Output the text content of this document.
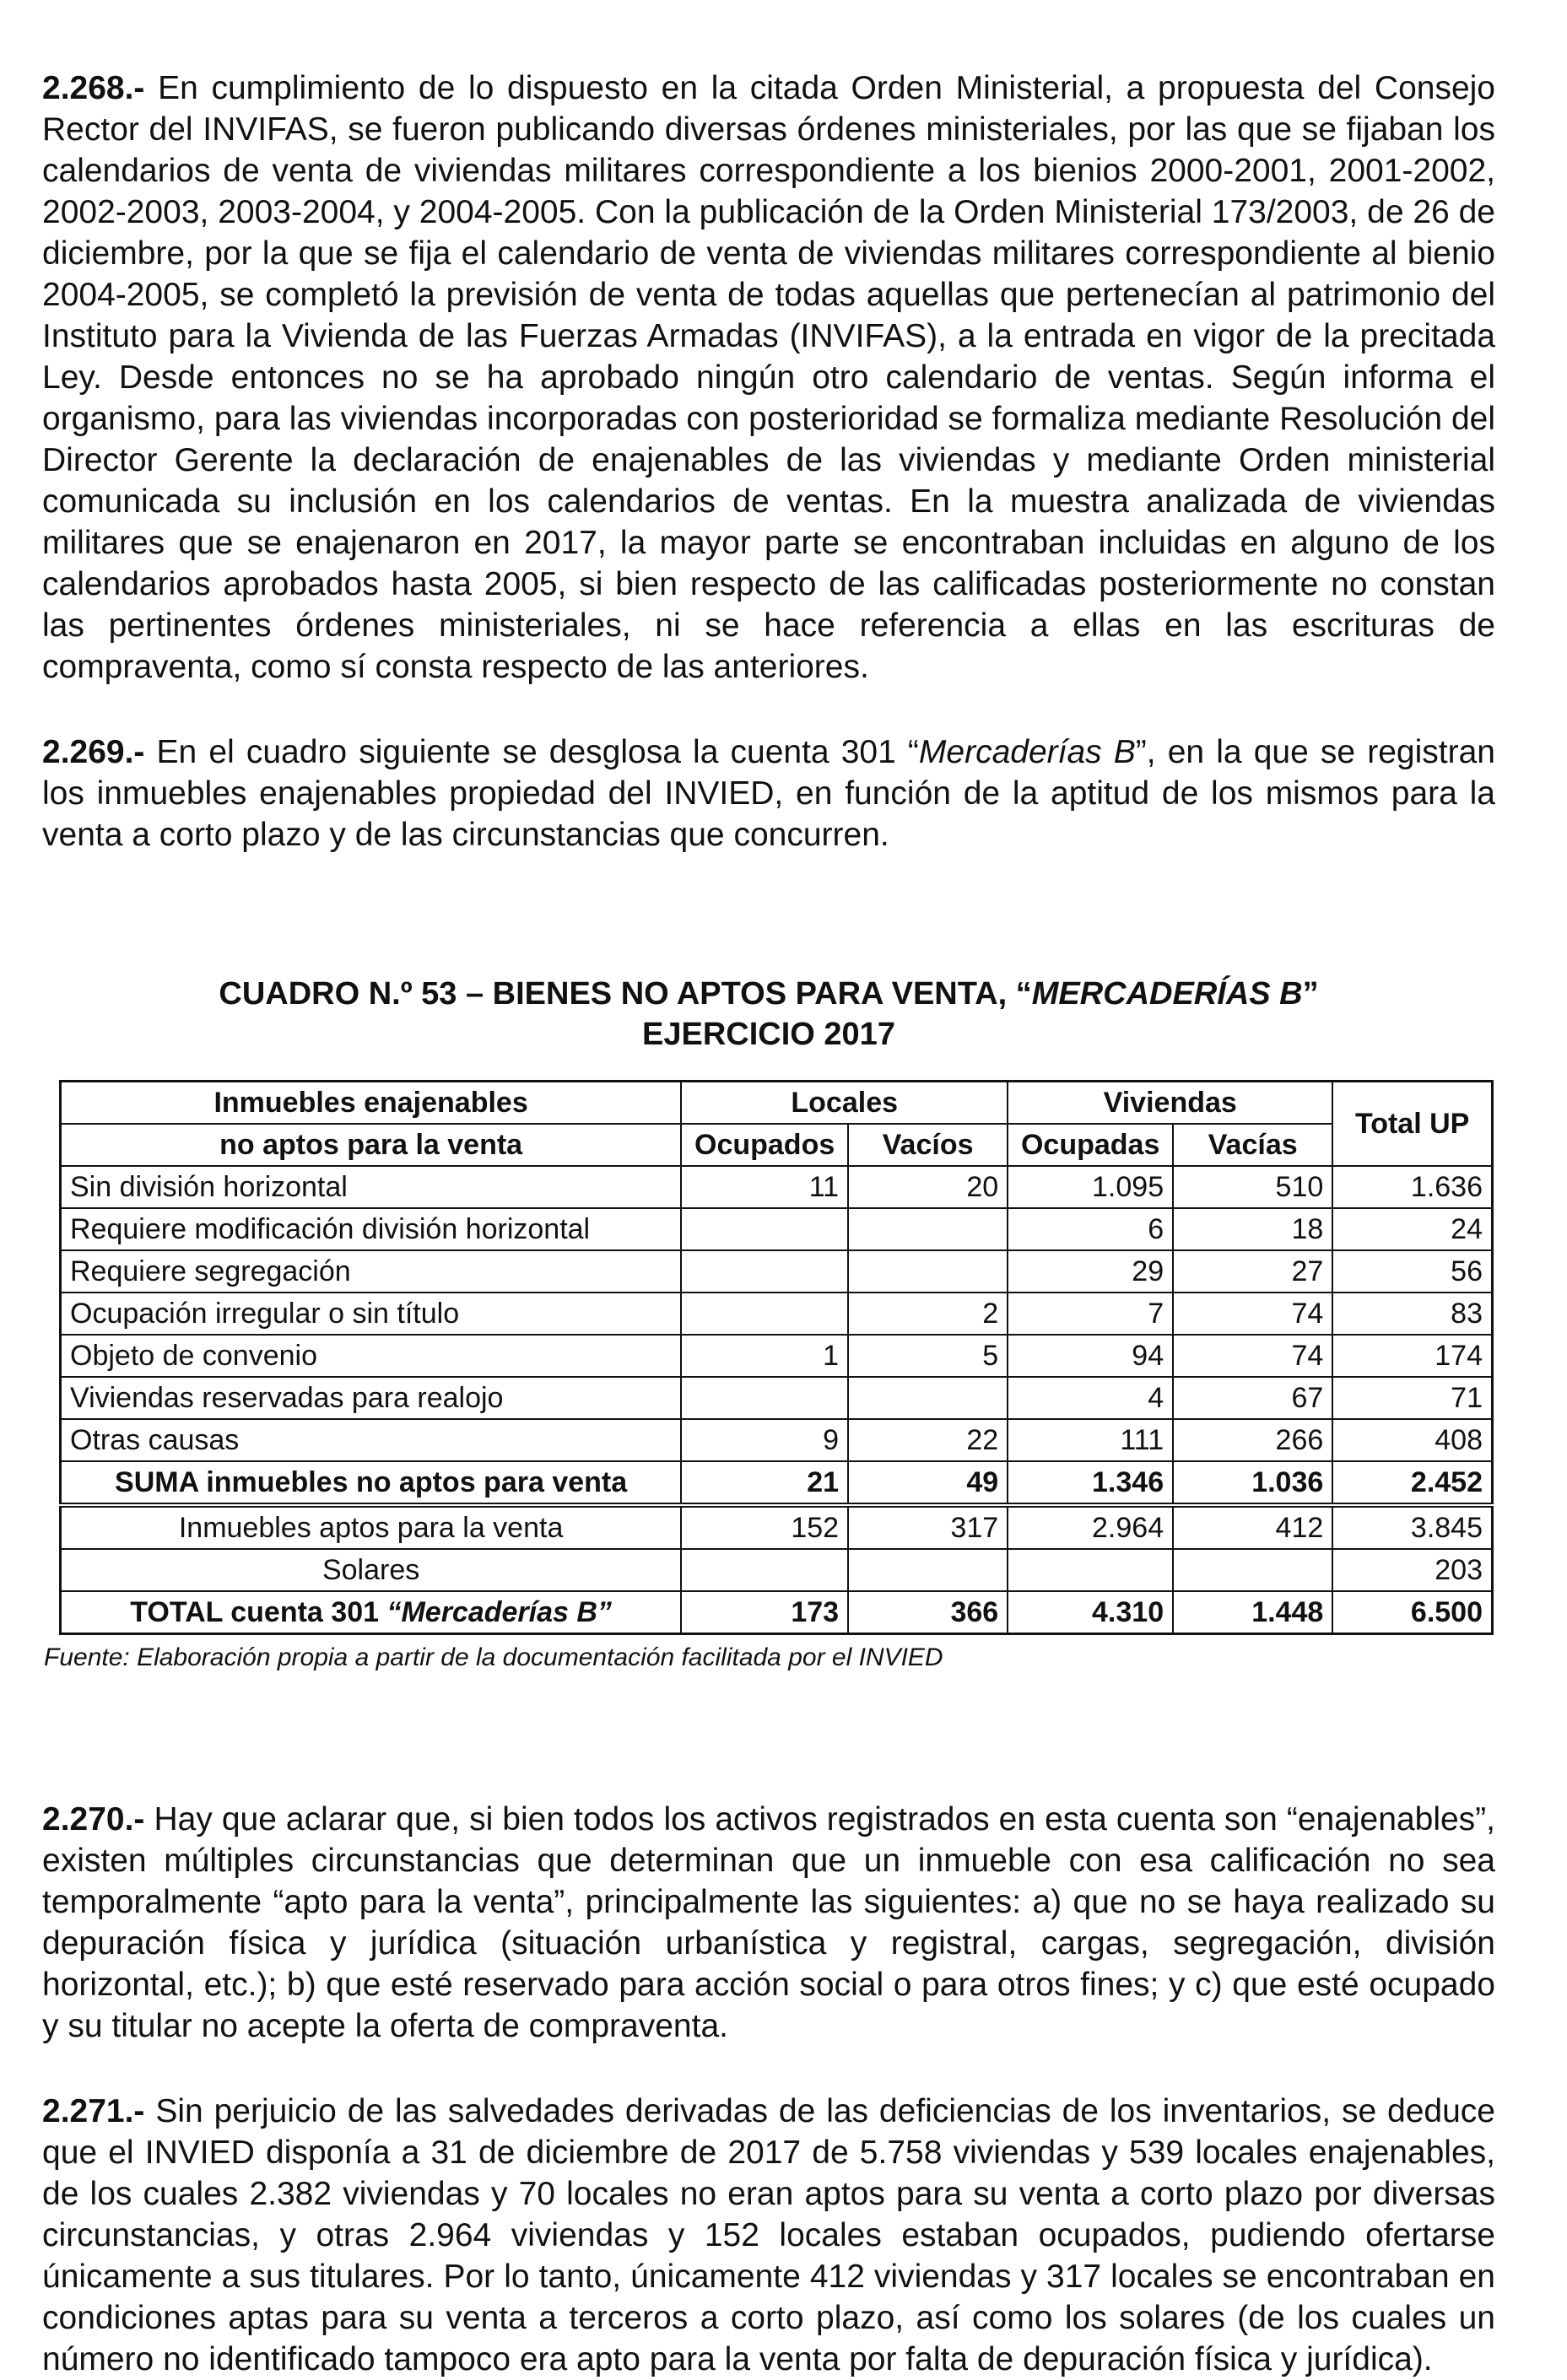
2.268.- En cumplimiento de lo dispuesto en la citada Orden Ministerial, a propuesta del Consejo Rector del INVIFAS, se fueron publicando diversas órdenes ministeriales, por las que se fijaban los calendarios de venta de viviendas militares correspondiente a los bienios 2000-2001, 2001-2002, 2002-2003, 2003-2004, y 2004-2005. Con la publicación de la Orden Ministerial 173/2003, de 26 de diciembre, por la que se fija el calendario de venta de viviendas militares correspondiente al bienio 2004-2005, se completó la previsión de venta de todas aquellas que pertenecían al patrimonio del Instituto para la Vivienda de las Fuerzas Armadas (INVIFAS), a la entrada en vigor de la precitada Ley. Desde entonces no se ha aprobado ningún otro calendario de ventas. Según informa el organismo, para las viviendas incorporadas con posterioridad se formaliza mediante Resolución del Director Gerente la declaración de enajenables de las viviendas y mediante Orden ministerial comunicada su inclusión en los calendarios de ventas. En la muestra analizada de viviendas militares que se enajenaron en 2017, la mayor parte se encontraban incluidas en alguno de los calendarios aprobados hasta 2005, si bien respecto de las calificadas posteriormente no constan las pertinentes órdenes ministeriales, ni se hace referencia a ellas en las escrituras de compraventa, como sí consta respecto de las anteriores.

2.269.- En el cuadro siguiente se desglosa la cuenta 301 “Mercaderías B”, en la que se registran los inmuebles enajenables propiedad del INVIED, en función de la aptitud de los mismos para la venta a corto plazo y de las circunstancias que concurren.

CUADRO N.º 53 – BIENES NO APTOS PARA VENTA, “MERCADERÍAS B”

EJERCICIO 2017

Inmuebles enajenables	Locales		Viviendas		Total UP
no aptos para la venta	Ocupados	Vacíos	Ocupadas	Vacías	
Sin división horizontal	11	20	1.095	510	1.636
Requiere modificación división horizontal			6	18	24
Requiere segregación			29	27	56
Ocupación irregular o sin título		2	7	74	83
Objeto de convenio	1	5	94	74	174
Viviendas reservadas para realojo			4	67	71
Otras causas	9	22	111	266	408
SUMA inmuebles no aptos para venta	21	49	1.346	1.036	2.452
Inmuebles aptos para la venta	152	317	2.964	412	3.845
Solares					203
TOTAL cuenta 301 “Mercaderías B”	173	366	4.310	1.448	6.500
Fuente: Elaboración propia a partir de la documentación facilitada por el INVIED

2.270.- Hay que aclarar que, si bien todos los activos registrados en esta cuenta son “enajenables”, existen múltiples circunstancias que determinan que un inmueble con esa calificación no sea temporalmente “apto para la venta”, principalmente las siguientes: a) que no se haya realizado su depuración física y jurídica (situación urbanística y registral, cargas, segregación, división horizontal, etc.); b) que esté reservado para acción social o para otros fines; y c) que esté ocupado y su titular no acepte la oferta de compraventa.

2.271.- Sin perjuicio de las salvedades derivadas de las deficiencias de los inventarios, se deduce que el INVIED disponía a 31 de diciembre de 2017 de 5.758 viviendas y 539 locales enajenables, de los cuales 2.382 viviendas y 70 locales no eran aptos para su venta a corto plazo por diversas circunstancias, y otras 2.964 viviendas y 152 locales estaban ocupados, pudiendo ofertarse únicamente a sus titulares. Por lo tanto, únicamente 412 viviendas y 317 locales se encontraban en condiciones aptas para su venta a terceros a corto plazo, así como los solares (de los cuales un número no identificado tampoco era apto para la venta por falta de depuración física y jurídica).
